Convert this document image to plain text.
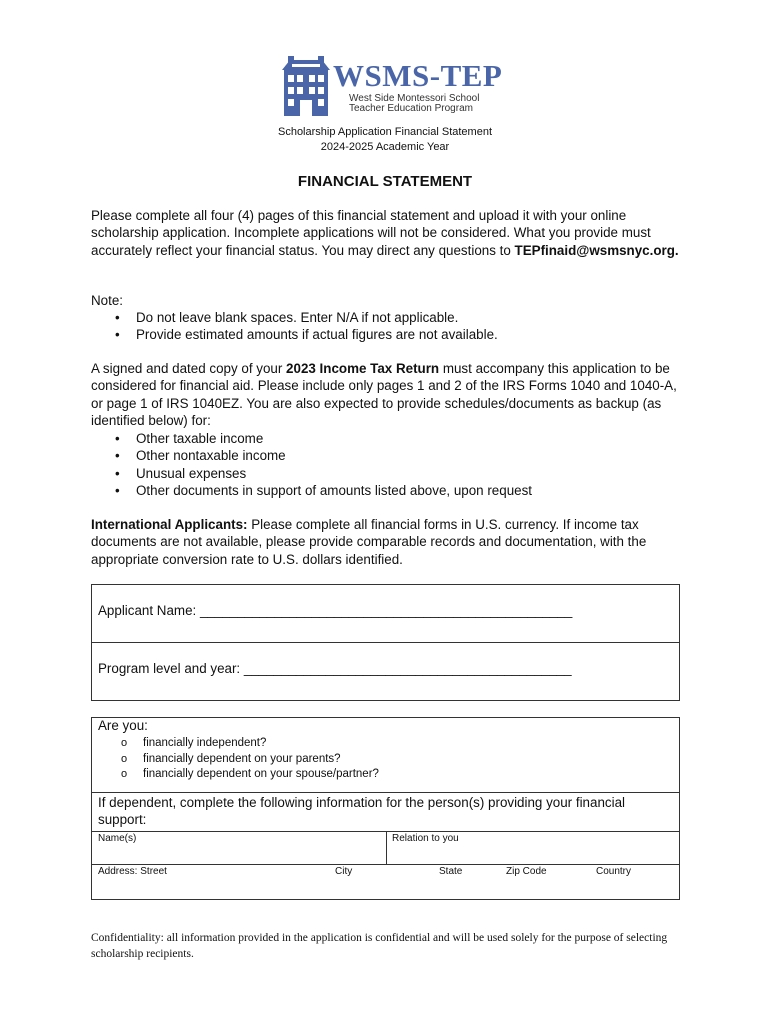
WSMS-TEP
West Side Montessori School
Teacher Education Program
Scholarship Application Financial Statement
2024-2025 Academic Year
FINANCIAL STATEMENT
Please complete all four (4) pages of this financial statement and upload it with your online scholarship application. Incomplete applications will not be considered. What you provide must accurately reflect your financial status. You may direct any questions to TEPfinaid@wsmsnyc.org.
Note:
• Do not leave blank spaces. Enter N/A if not applicable.
• Provide estimated amounts if actual figures are not available.
A signed and dated copy of your 2023 Income Tax Return must accompany this application to be considered for financial aid. Please include only pages 1 and 2 of the IRS Forms 1040 and 1040-A, or page 1 of IRS 1040EZ. You are also expected to provide schedules/documents as backup (as identified below) for:
• Other taxable income
• Other nontaxable income
• Unusual expenses
• Other documents in support of amounts listed above, upon request
International Applicants: Please complete all financial forms in U.S. currency. If income tax documents are not available, please provide comparable records and documentation, with the appropriate conversion rate to U.S. dollars identified.
Applicant Name: __________________________________________________
Program level and year: ____________________________________________
Are you:
o financially independent?
o financially dependent on your parents?
o financially dependent on your spouse/partner?
If dependent, complete the following information for the person(s) providing your financial support:
Name(s)	Relation to you
Address: Street	City	State	Zip Code	Country
Confidentiality: all information provided in the application is confidential and will be used solely for the purpose of selecting scholarship recipients.
